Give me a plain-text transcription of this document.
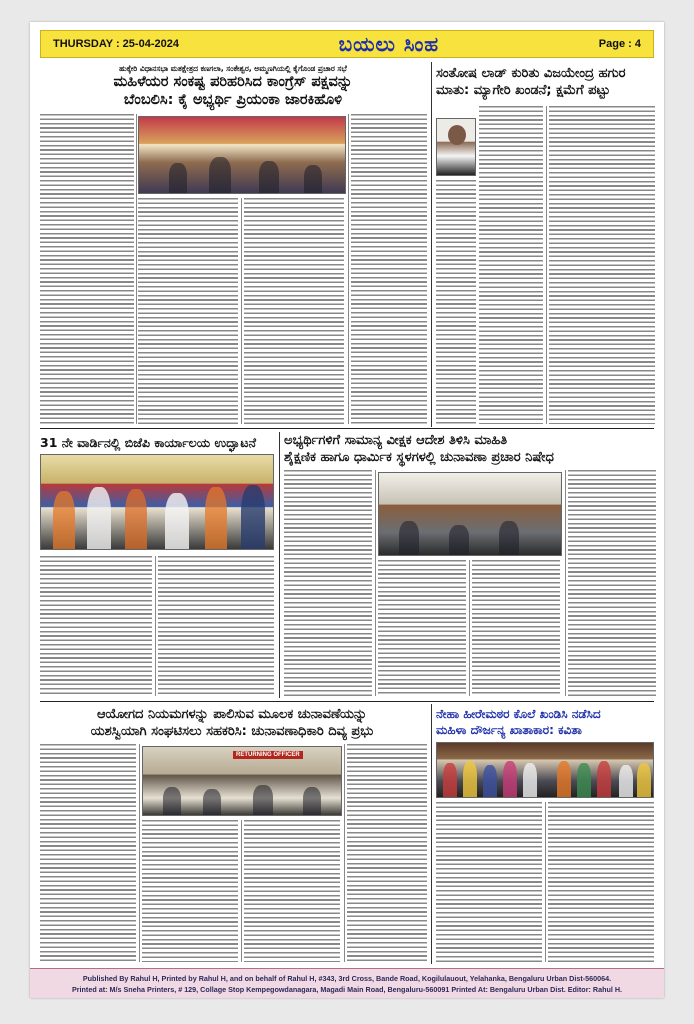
THURSDAY : 25-04-2024	ಬಯಲು ಸಿಂಹ	Page : 4
ಹುಕ್ಕೇರಿ ವಿಧಾನಸಭಾ ಮತಕ್ಷೇತ್ರದ ಕಣಗಲಾ, ಸಂಕೇಶ್ವರ, ಅಮ್ಮಣಗಿಯಲ್ಲಿ ಕೈಗೊಂಡ ಪ್ರಚಾರ ಸಭೆ
ಮಹಿಳೆಯರ ಸಂಕಷ್ಟ ಪರಿಹರಿಸಿದ ಕಾಂಗ್ರೆಸ್ ಪಕ್ಷವನ್ನು
ಬೆಂಬಲಿಸಿ: ಕೈ ಅಭ್ಯರ್ಥಿ ಪ್ರಿಯಂಕಾ ಜಾರಕಿಹೊಳಿ
ಸಂತೋಷ ಲಾಡ್ ಕುರಿತು ವಿಜಯೇಂದ್ರ ಹಗುರ
ಮಾತು: ಮ್ಯಾಗೇರಿ ಖಂಡನೆ; ಕ್ಷಮೆಗೆ ಪಟ್ಟು
31 ನೇ ವಾರ್ಡಿನಲ್ಲಿ ಬಿಜೆಪಿ ಕಾರ್ಯಾಲಯ ಉದ್ಘಾಟನೆ	ಅಭ್ಯರ್ಥಿಗಳಿಗೆ ಸಾಮಾನ್ಯ ವೀಕ್ಷಕ ಆದೇಶ ತಿಳಿಸಿ ಮಾಹಿತಿ
ಶೈಕ್ಷಣಿಕ ಹಾಗೂ ಧಾರ್ಮಿಕ ಸ್ಥಳಗಳಲ್ಲಿ ಚುನಾವಣಾ ಪ್ರಚಾರ ನಿಷೇಧ
ಆಯೋಗದ ನಿಯಮಗಳನ್ನು ಪಾಲಿಸುವ ಮೂಲಕ ಚುನಾವಣೆಯನ್ನು
ಯಶಸ್ವಿಯಾಗಿ ಸಂಘಟಿಸಲು ಸಹಕರಿಸಿ: ಚುನಾವಣಾಧಿಕಾರಿ ದಿವ್ಯ ಪ್ರಭು
RETURNING OFFICER
ನೇಹಾ ಹೀರೇಮಠರ ಕೊಲೆ ಖಂಡಿಸಿ ನಡೆಸಿದ
ಮಹಿಳಾ ದೌರ್ಜನ್ಯ ಖಾತಾಕಾರ: ಕವಿತಾ
Published By Rahul H, Printed by Rahul H, and on behalf of Rahul H, #343, 3rd Cross, Bande Road, Kogilulauout, Yelahanka, Bengaluru Urban Dist-560064.
Printed at: M/s Sneha Printers, # 129, Collage Stop Kempegowdanagara, Magadi Main Road, Bengaluru-560091 Printed At: Bengaluru Urban Dist. Editor: Rahul H.
